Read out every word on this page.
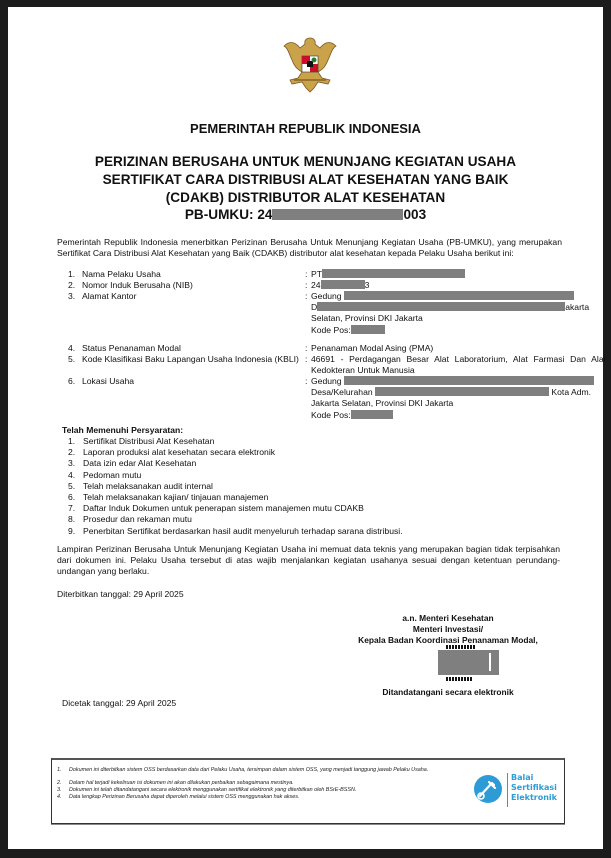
PEMERINTAH REPUBLIK INDONESIA
PERIZINAN BERUSAHA UNTUK MENUNJANG KEGIATAN USAHA
SERTIFIKAT CARA DISTRIBUSI ALAT KESEHATAN YANG BAIK
(CDAKB) DISTRIBUTOR ALAT KESEHATAN
PB-UMKU: 24	003
Pemerintah Republik Indonesia menerbitkan Perizinan Berusaha Untuk Menunjang Kegiatan Usaha (PB-UMKU), yang merupakan Sertifikat Cara Distribusi Alat Kesehatan yang Baik (CDAKB) distributor alat kesehatan kepada Pelaku Usaha berikut ini:
1. Nama Pelaku Usaha	: PT
2. Nomor Induk Berusaha (NIB)	: 24	3
3. Alamat Kantor	: Gedung
D	akarta
Selatan, Provinsi DKI Jakarta
Kode Pos:
4. Status Penanaman Modal	: Penanaman Modal Asing (PMA)
5. Kode Klasifikasi Baku Lapangan Usaha Indonesia (KBLI) : 46691 - Perdagangan Besar Alat Laboratorium, Alat Farmasi Dan Alat Kedokteran Untuk Manusia
6. Lokasi Usaha	: Gedung
Desa/Kelurahan	Kota Adm.
Jakarta Selatan, Provinsi DKI Jakarta
Kode Pos:
Telah Memenuhi Persyaratan:
1. Sertifikat Distribusi Alat Kesehatan
2. Laporan produksi alat kesehatan secara elektronik
3. Data izin edar Alat Kesehatan
4. Pedoman mutu
5. Telah melaksanakan audit internal
6. Telah melaksanakan kajian/ tinjauan manajemen
7. Daftar Induk Dokumen untuk penerapan sistem manajemen mutu CDAKB
8. Prosedur dan rekaman mutu
9. Penerbitan Sertifikat berdasarkan hasil audit menyeluruh terhadap sarana distribusi.
Lampiran Perizinan Berusaha Untuk Menunjang Kegiatan Usaha ini memuat data teknis yang merupakan bagian tidak terpisahkan dari dokumen ini. Pelaku Usaha tersebut di atas wajib menjalankan kegiatan usahanya sesuai dengan ketentuan perundang-undangan yang berlaku.
Diterbitkan tanggal: 29 April 2025
a.n. Menteri Kesehatan
Menteri Investasi/
Kepala Badan Koordinasi Penanaman Modal,
Ditandatangani secara elektronik
Dicetak tanggal: 29 April 2025
1.	Dokumen ini diterbitkan sistem OSS berdasarkan data dari Pelaku Usaha, tersimpan dalam sistem OSS, yang menjadi tanggung jawab Pelaku Usaha.
2.	Dalam hal terjadi kekeliruan isi dokumen ini akan dilakukan perbaikan sebagaimana mestinya.
3.	Dokumen ini telah ditandatangani secara elektronik menggunakan sertifikat elektronik yang diterbitkan oleh BSrE-BSSN.
4.	Data lengkap Perizinan Berusaha dapat diperoleh melalui sistem OSS menggunakan hak akses.
Balai
Sertifikasi
Elektronik
